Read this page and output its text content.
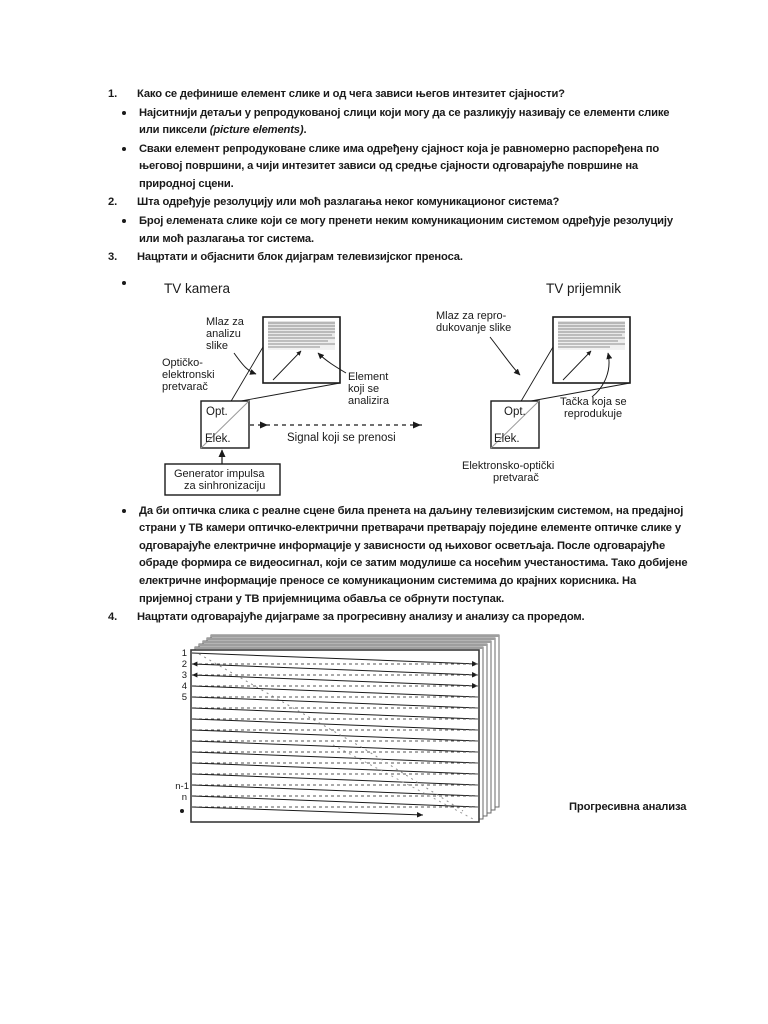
1. Како се дефинише елемент слике и од чега зависи његов интезитет сјајности?
Најситнији детаљи у репродукованој слици који могу да се разликују називају се елементи слике или пиксели (picture elements).
Сваки елемент репродуковане слике има одређену сјајност која је равномерно распоређена по његовој површини, а чији интезитет зависи од средње сјајности одговарајуће површине на природној сцени.
2. Шта одређује резолуцију или моћ разлагања неког комуникационог система?
Број елемената слике који се могу пренети неким комуникационим системом одређује резолуцију или моћ разлагања тог система.
3. Нацртати и објаснити блок дијаграм телевизијског преноса.
TV kamera	TV prijemnik
Mlaz za
analizu
slike
Optičko-
elektronski
pretvarač
Opt.
Elek.
Element
koji se
analizira
Signal koji se prenosi
Generator impulsa
za sinhronizaciju
Mlaz za repro-
dukovanje slike
Opt.
Elek.
Tačka koja se
reprodukuje
Elektronsko-optički
pretvarač
Да би оптичка слика с реалне сцене била пренета на даљину телевизијским системом, на предајној страни у ТВ камери оптичко-електрични претварачи претварају поједине елементе оптичке слике у одговарајуће електричне информације у зависности од њиховог осветљаја. После одговарајуће обраде формира се видеосигнал, који се затим модулише са носећим учестаностима. Тако добијене електричне информације преносе се комуникационим системима до крајних корисника. На пријемној страни у ТВ пријемницима обавља се обрнути поступак.
4. Нацртати одговарајуће дијаграме за прогресивну анализу и анализу са проредом.
1
2
3
4
5
n-1
n
Прогресивна анализа
